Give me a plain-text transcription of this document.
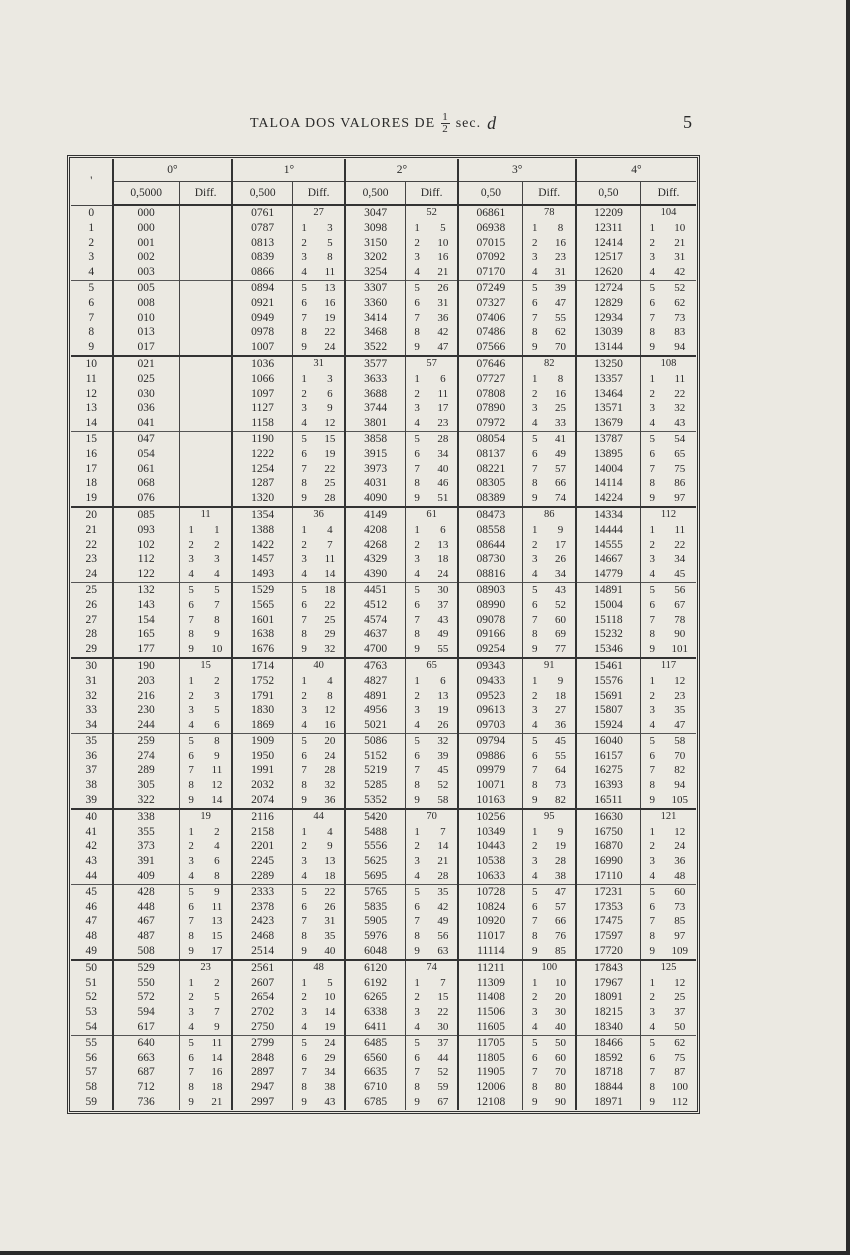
TALOA DOS VALORES DE $\frac{1}{2} \sec$. d	5
'	0°			1°			2°			3°			4°		
	0,5000	Diff.		0,500	Diff.		0,500	Diff.		0,50	Diff.		0,50	Diff.	
0	000			0761	27		3047	52		06861	78		12209	104	
1	000			0787	1	3	3098	1	5	06938	1	8	12311	1	10
2	001			0813	2	5	3150	2	10	07015	2	16	12414	2	21
3	002			0839	3	8	3202	3	16	07092	3	23	12517	3	31
4	003			0866	4	11	3254	4	21	07170	4	31	12620	4	42
5	005			0894	5	13	3307	5	26	07249	5	39	12724	5	52
6	008			0921	6	16	3360	6	31	07327	6	47	12829	6	62
7	010			0949	7	19	3414	7	36	07406	7	55	12934	7	73
8	013			0978	8	22	3468	8	42	07486	8	62	13039	8	83
9	017			1007	9	24	3522	9	47	07566	9	70	13144	9	94
10	021			1036	31		3577	57		07646	82		13250	108	
11	025			1066	1	3	3633	1	6	07727	1	8	13357	1	11
12	030			1097	2	6	3688	2	11	07808	2	16	13464	2	22
13	036			1127	3	9	3744	3	17	07890	3	25	13571	3	32
14	041			1158	4	12	3801	4	23	07972	4	33	13679	4	43
15	047			1190	5	15	3858	5	28	08054	5	41	13787	5	54
16	054			1222	6	19	3915	6	34	08137	6	49	13895	6	65
17	061			1254	7	22	3973	7	40	08221	7	57	14004	7	75
18	068			1287	8	25	4031	8	46	08305	8	66	14114	8	86
19	076			1320	9	28	4090	9	51	08389	9	74	14224	9	97
20	085	11		1354	36		4149	61		08473	86		14334	112	
21	093	1	1	1388	1	4	4208	1	6	08558	1	9	14444	1	11
22	102	2	2	1422	2	7	4268	2	13	08644	2	17	14555	2	22
23	112	3	3	1457	3	11	4329	3	18	08730	3	26	14667	3	34
24	122	4	4	1493	4	14	4390	4	24	08816	4	34	14779	4	45
25	132	5	5	1529	5	18	4451	5	30	08903	5	43	14891	5	56
26	143	6	7	1565	6	22	4512	6	37	08990	6	52	15004	6	67
27	154	7	8	1601	7	25	4574	7	43	09078	7	60	15118	7	78
28	165	8	9	1638	8	29	4637	8	49	09166	8	69	15232	8	90
29	177	9	10	1676	9	32	4700	9	55	09254	9	77	15346	9	101
30	190	15		1714	40		4763	65		09343	91		15461	117	
31	203	1	2	1752	1	4	4827	1	6	09433	1	9	15576	1	12
32	216	2	3	1791	2	8	4891	2	13	09523	2	18	15691	2	23
33	230	3	5	1830	3	12	4956	3	19	09613	3	27	15807	3	35
34	244	4	6	1869	4	16	5021	4	26	09703	4	36	15924	4	47
35	259	5	8	1909	5	20	5086	5	32	09794	5	45	16040	5	58
36	274	6	9	1950	6	24	5152	6	39	09886	6	55	16157	6	70
37	289	7	11	1991	7	28	5219	7	45	09979	7	64	16275	7	82
38	305	8	12	2032	8	32	5285	8	52	10071	8	73	16393	8	94
39	322	9	14	2074	9	36	5352	9	58	10163	9	82	16511	9	105
40	338	19		2116	44		5420	70		10256	95		16630	121	
41	355	1	2	2158	1	4	5488	1	7	10349	1	9	16750	1	12
42	373	2	4	2201	2	9	5556	2	14	10443	2	19	16870	2	24
43	391	3	6	2245	3	13	5625	3	21	10538	3	28	16990	3	36
44	409	4	8	2289	4	18	5695	4	28	10633	4	38	17110	4	48
45	428	5	9	2333	5	22	5765	5	35	10728	5	47	17231	5	60
46	448	6	11	2378	6	26	5835	6	42	10824	6	57	17353	6	73
47	467	7	13	2423	7	31	5905	7	49	10920	7	66	17475	7	85
48	487	8	15	2468	8	35	5976	8	56	11017	8	76	17597	8	97
49	508	9	17	2514	9	40	6048	9	63	11114	9	85	17720	9	109
50	529	23		2561	48		6120	74		11211	100		17843	125	
51	550	1	2	2607	1	5	6192	1	7	11309	1	10	17967	1	12
52	572	2	5	2654	2	10	6265	2	15	11408	2	20	18091	2	25
53	594	3	7	2702	3	14	6338	3	22	11506	3	30	18215	3	37
54	617	4	9	2750	4	19	6411	4	30	11605	4	40	18340	4	50
55	640	5	11	2799	5	24	6485	5	37	11705	5	50	18466	5	62
56	663	6	14	2848	6	29	6560	6	44	11805	6	60	18592	6	75
57	687	7	16	2897	7	34	6635	7	52	11905	7	70	18718	7	87
58	712	8	18	2947	8	38	6710	8	59	12006	8	80	18844	8	100
59	736	9	21	2997	9	43	6785	9	67	12108	9	90	18971	9	112
